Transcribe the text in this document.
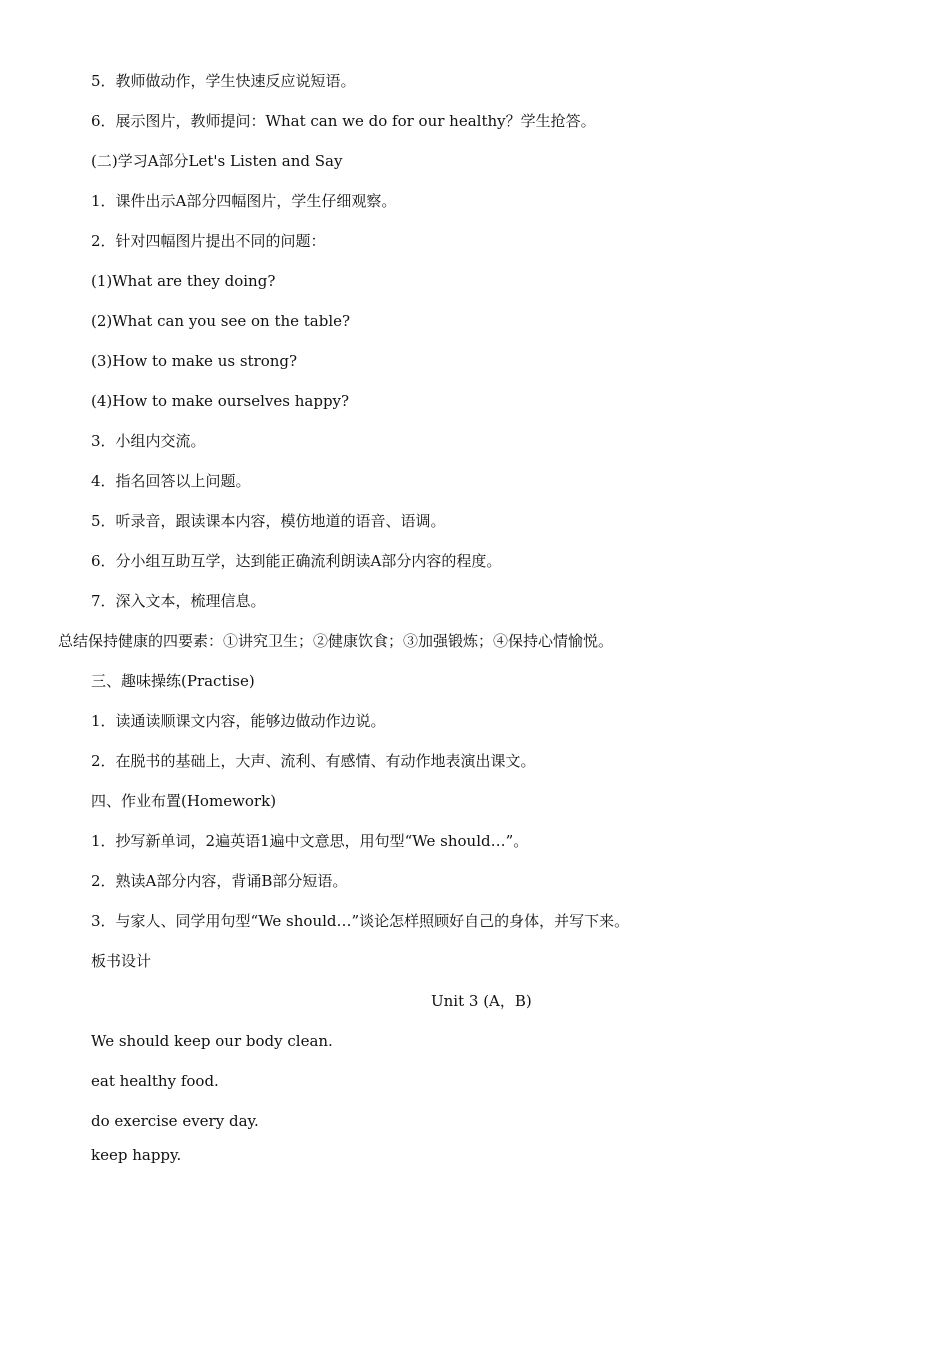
5．教师做动作，学生快速反应说短语。
6．展示图片，教师提问：What can we do for our healthy？学生抢答。
(二)学习A部分Let's Listen and Say
1．课件出示A部分四幅图片，学生仔细观察。
2．针对四幅图片提出不同的问题：
(1)What are they doing?
(2)What can you see on the table?
(3)How to make us strong?
(4)How to make ourselves happy?
3．小组内交流。
4．指名回答以上问题。
5．听录音，跟读课本内容，模仿地道的语音、语调。
6．分小组互助互学，达到能正确流利朗读A部分内容的程度。
7．深入文本，梳理信息。
总结保持健康的四要素：①讲究卫生；②健康饮食；③加强锻炼；④保持心情愉悦。
三、趣味操练(Practise)
1．读通读顺课文内容，能够边做动作边说。
2．在脱书的基础上，大声、流利、有感情、有动作地表演出课文。
四、作业布置(Homework)
1．抄写新单词，2遍英语1遍中文意思，用句型“We should…”。
2．熟读A部分内容，背诵B部分短语。
3．与家人、同学用句型“We should…”谈论怎样照顾好自己的身体，并写下来。
板书设计
Unit 3 (A，B)
We should keep our body clean.
eat healthy food.
do exercise every day.
keep happy.
